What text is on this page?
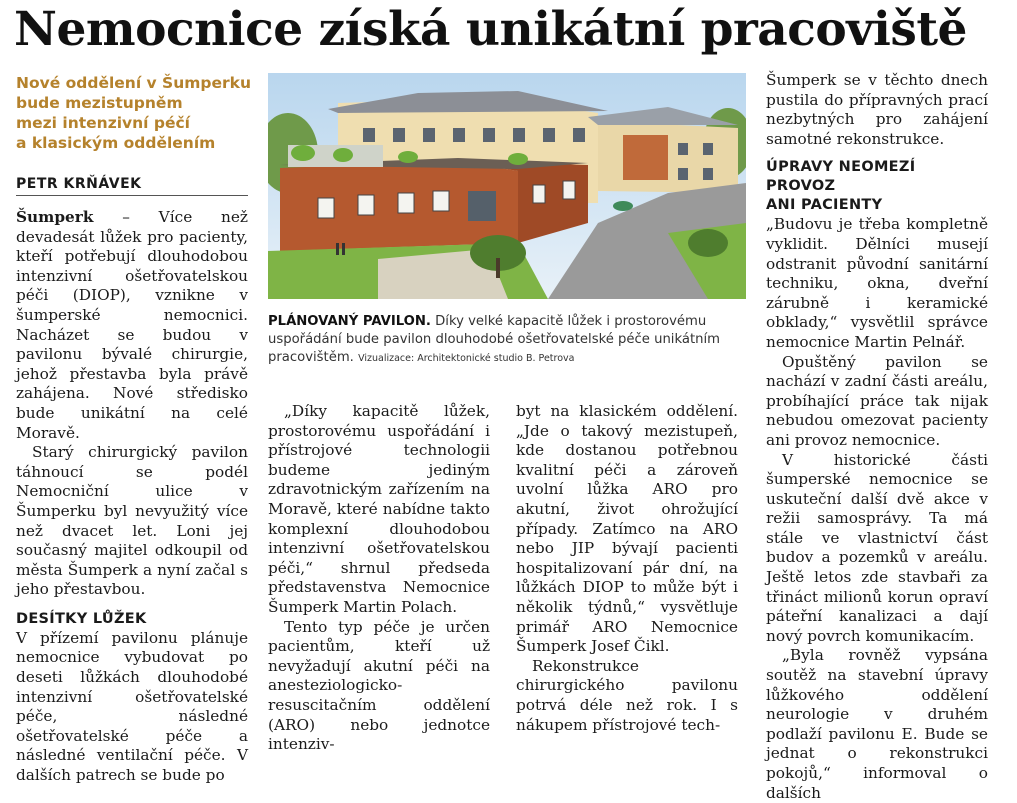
Nemocnice získá unikátní pracoviště
Nové oddělení v Šumperku
bude mezistupněm
mezi intenzivní péčí
a klasickým oddělením
PETR KRŇÁVEK

Šumperk – Více než devadesát lůžek pro pacienty, kteří potřebují dlouhodobou intenzivní ošetřovatelskou péči (DIOP), vznikne v šumperské nemocnici. Nacházet se budou v pavilonu bývalé chirurgie, jehož přestavba byla právě zahájena. Nové středisko bude unikátní na celé Moravě.

Starý chirurgický pavilon táhnoucí se podél Nemocniční ulice v Šumperku byl nevyužitý více než dvacet let. Loni jej současný majitel odkoupil od města Šumperk a nyní začal s jeho přestavbou.

DESÍTKY LŮŽEK

V přízemí pavilonu plánuje nemocnice vybudovat po deseti lůžkách dlouhodobé intenzivní ošetřovatelské péče, následné ošetřovatelské péče a následné ventilační péče. V dalších patrech se bude po

PLÁNOVANÝ PAVILON. Díky velké kapacitě lůžek i prostorovému uspořádání bude pavilon dlouhodobé ošetřovatelské péče unikátním pracovištěm. Vizualizace: Architektonické studio B. Petrova

„Díky kapacitě lůžek, prostorovému uspořádání i přístrojové technologii budeme jediným zdravotnickým zařízením na Moravě, které nabídne takto komplexní dlouhodobou intenzivní ošetřovatelskou péči,“ shrnul předseda představenstva Nemocnice Šumperk Martin Polach.

Tento typ péče je určen pacientům, kteří už nevyžadují akutní péči na anesteziologicko-resuscitačním oddělení (ARO) nebo jednotce intenziv-

byt na klasickém oddělení. „Jde o takový mezistupeň, kde dostanou potřebnou kvalitní péči a zároveň uvolní lůžka ARO pro akutní, život ohrožující případy. Zatímco na ARO nebo JIP bývají pacienti hospitalizovaní pár dní, na lůžkách DIOP to může být i několik týdnů,“ vysvětluje primář ARO Nemocnice Šumperk Josef Čikl.

Rekonstrukce chirurgického pavilonu potrvá déle než rok. I s nákupem přístrojové tech-

Šumperk se v těchto dnech pustila do přípravných prací nezbytných pro zahájení samotné rekonstrukce.

ÚPRAVY NEOMEZÍ PROVOZ
ANI PACIENTY

„Budovu je třeba kompletně vyklidit. Dělníci musejí odstranit původní sanitární techniku, okna, dveřní zárubně i keramické obklady,“ vysvětlil správce nemocnice Martin Pelnář.

Opuštěný pavilon se nachází v zadní části areálu, probíhající práce tak nijak nebudou omezovat pacienty ani provoz nemocnice.

V historické části šumperské nemocnice se uskuteční další dvě akce v režii samosprávy. Ta má stále ve vlastnictví část budov a pozemků v areálu. Ještě letos zde stavbaři za třináct milionů korun opraví páteřní kanalizaci a dají nový povrch komunikacím.

„Byla rovněž vypsána soutěž na stavební úpravy lůžkového oddělení neurologie v druhém podlaží pavilonu E. Bude se jednat o rekonstrukci pokojů,“ informoval o dalších
